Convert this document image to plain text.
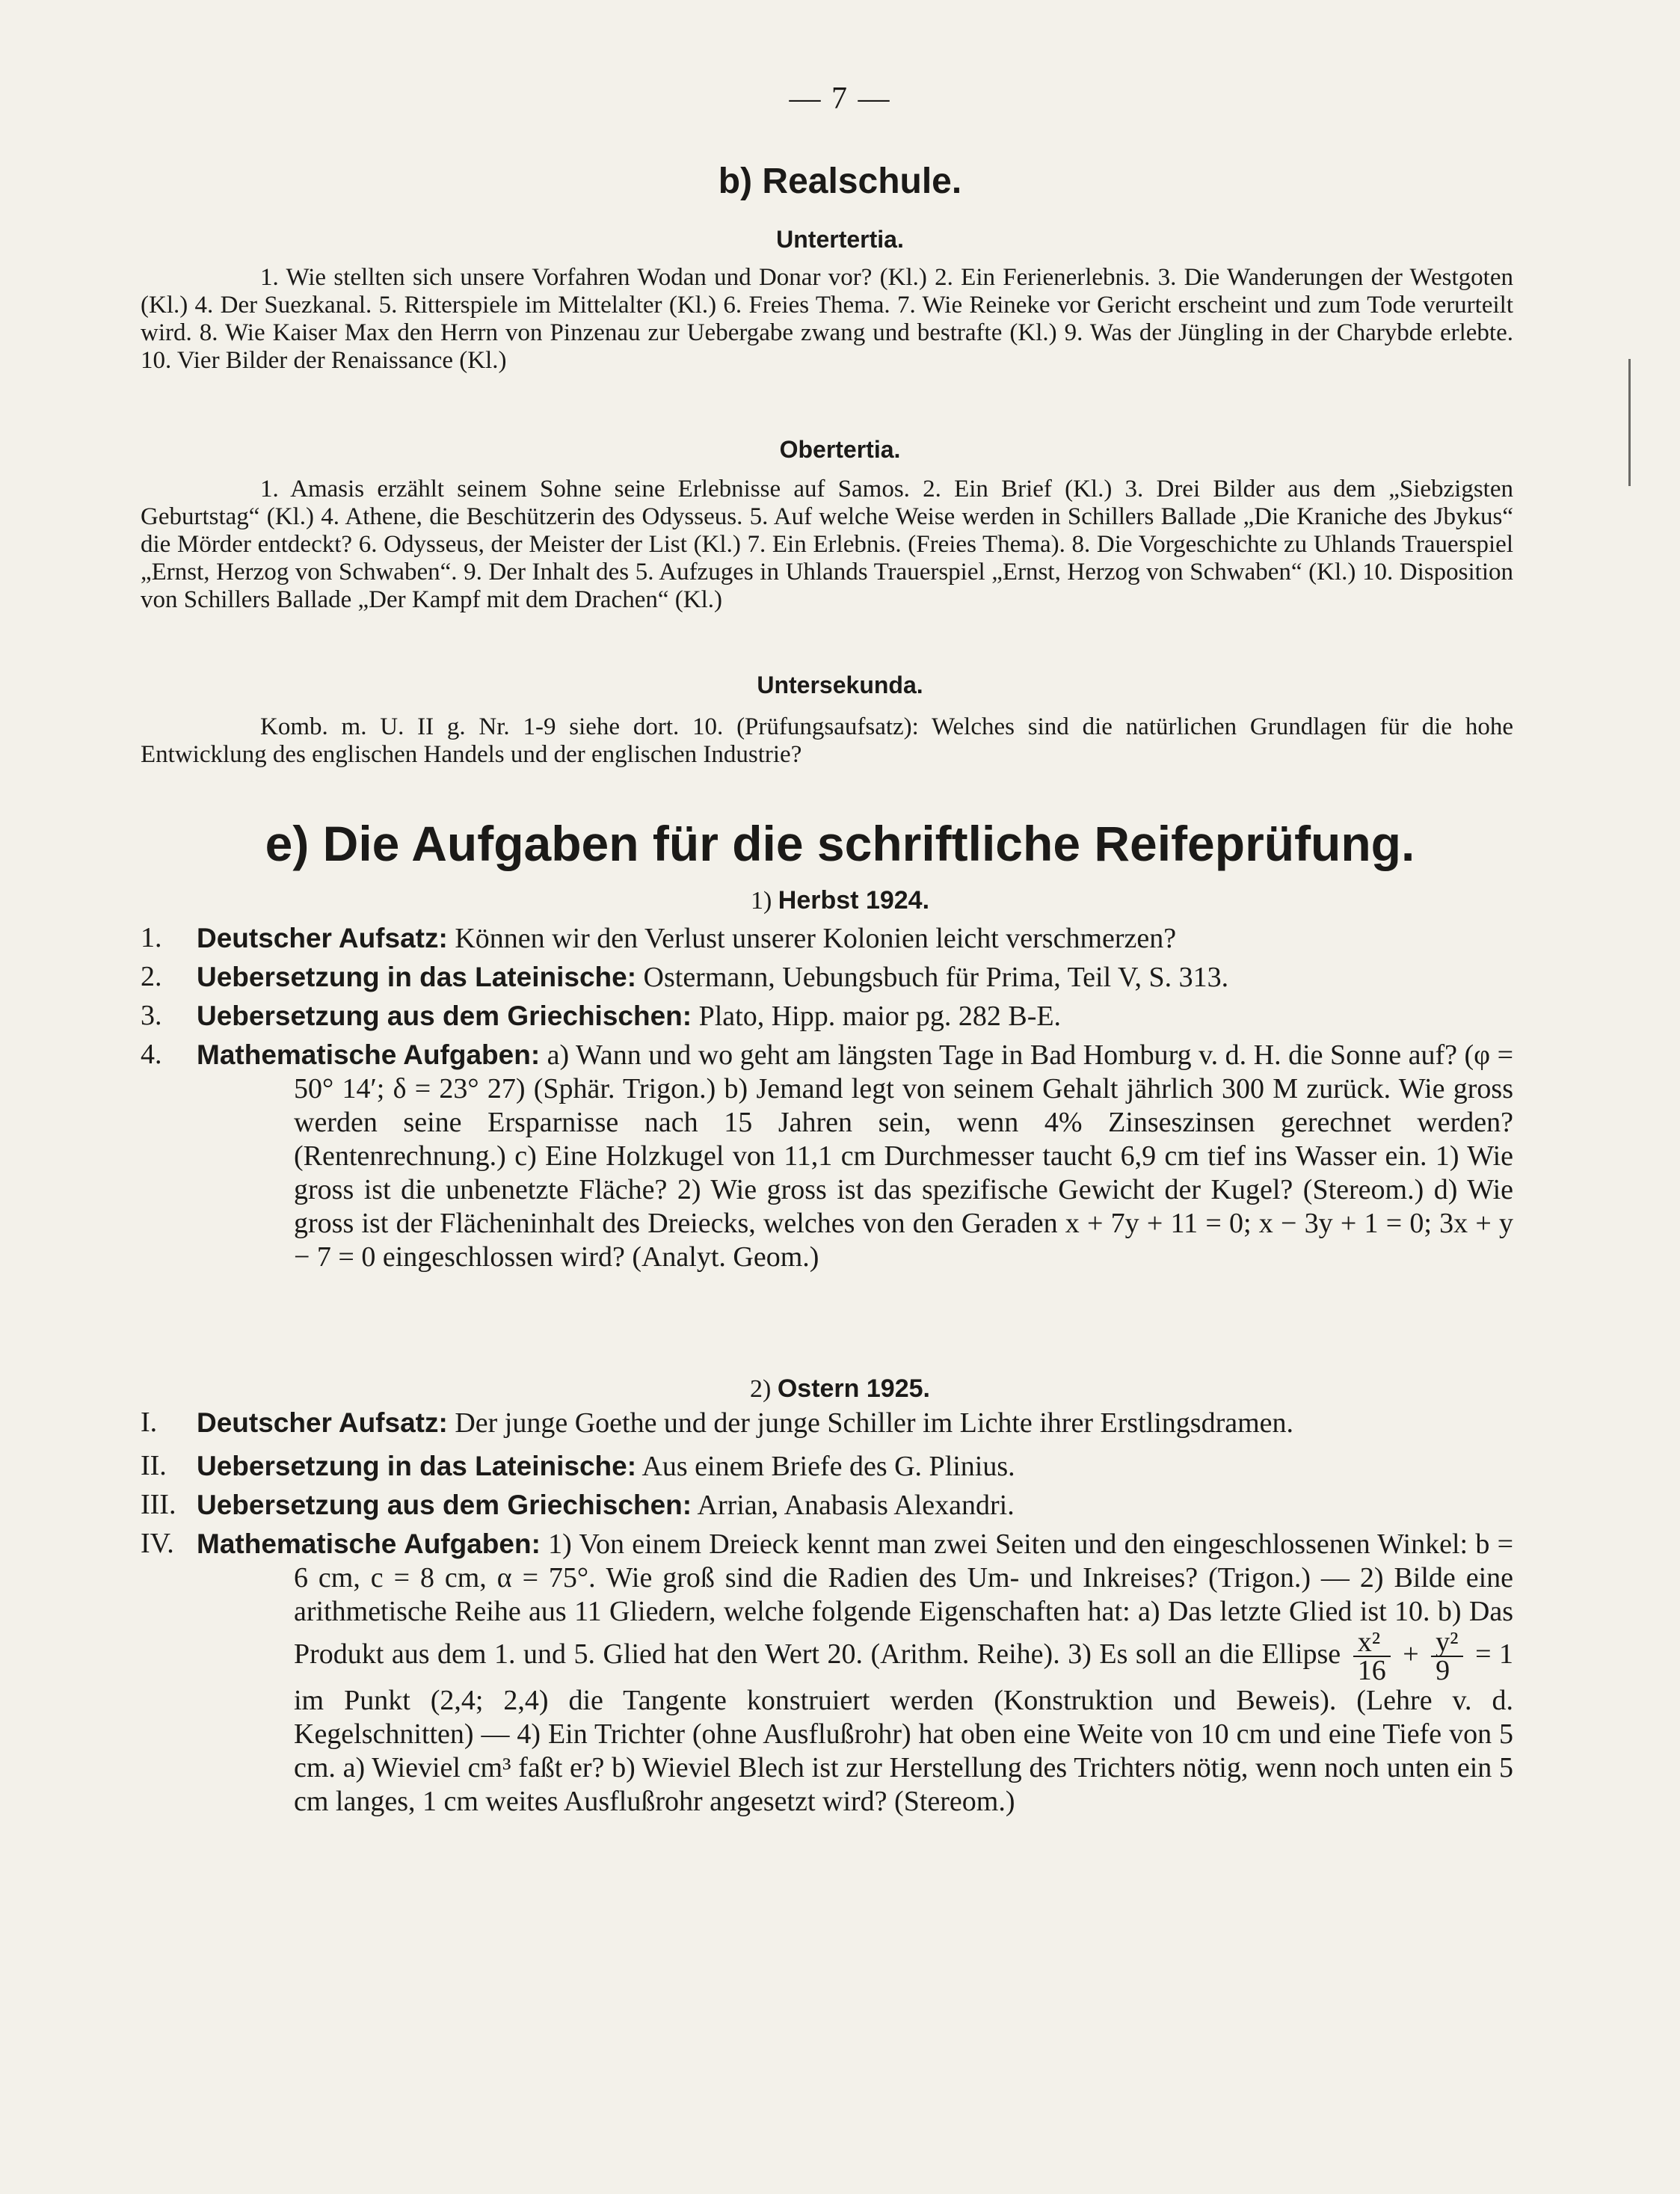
— 7 —
b) Realschule.
Untertertia.

1. Wie stellten sich unsere Vorfahren Wodan und Donar vor? (Kl.) 2. Ein Ferienerlebnis. 3. Die Wanderungen der Westgoten (Kl.) 4. Der Suezkanal. 5. Ritterspiele im Mittelalter (Kl.) 6. Freies Thema. 7. Wie Reineke vor Gericht erscheint und zum Tode verurteilt wird. 8. Wie Kaiser Max den Herrn von Pinzenau zur Uebergabe zwang und bestrafte (Kl.) 9. Was der Jüngling in der Charybde erlebte. 10. Vier Bilder der Renaissance (Kl.)

Obertertia.

1. Amasis erzählt seinem Sohne seine Erlebnisse auf Samos. 2. Ein Brief (Kl.) 3. Drei Bilder aus dem „Siebzigsten Geburtstag“ (Kl.) 4. Athene, die Beschützerin des Odysseus. 5. Auf welche Weise werden in Schillers Ballade „Die Kraniche des Jbykus“ die Mörder entdeckt? 6. Odysseus, der Meister der List (Kl.) 7. Ein Erlebnis. (Freies Thema). 8. Die Vorgeschichte zu Uhlands Trauerspiel „Ernst, Herzog von Schwaben“. 9. Der Inhalt des 5. Aufzuges in Uhlands Trauerspiel „Ernst, Herzog von Schwaben“ (Kl.) 10. Disposition von Schillers Ballade „Der Kampf mit dem Drachen“ (Kl.)

Untersekunda.

Komb. m. U. II g. Nr. 1-9 siehe dort. 10. (Prüfungsaufsatz): Welches sind die natürlichen Grundlagen für die hohe Entwicklung des englischen Handels und der englischen Industrie?

e) Die Aufgaben für die schriftliche Reifeprüfung.
1) Herbst 1924.
1.	Deutscher Aufsatz: Können wir den Verlust unserer Kolonien leicht verschmerzen?
2.	Uebersetzung in das Lateinische: Ostermann, Uebungsbuch für Prima, Teil V, S. 313.
3.	Uebersetzung aus dem Griechischen: Plato, Hipp. maior pg. 282 B-E.
4.	Mathematische Aufgaben: a) Wann und wo geht am längsten Tage in Bad Homburg v. d. H. die Sonne auf? (φ = 50° 14′; δ = 23° 27) (Sphär. Trigon.) b) Jemand legt von seinem Gehalt jährlich 300 M zurück. Wie gross werden seine Ersparnisse nach 15 Jahren sein, wenn 4% Zinseszinsen gerechnet werden? (Rentenrechnung.) c) Eine Holzkugel von 11,1 cm Durchmesser taucht 6,9 cm tief ins Wasser ein. 1) Wie gross ist die unbenetzte Fläche? 2) Wie gross ist das spezifische Gewicht der Kugel? (Stereom.) d) Wie gross ist der Flächeninhalt des Dreiecks, welches von den Geraden x + 7y + 11 = 0; x − 3y + 1 = 0; 3x + y − 7 = 0 eingeschlossen wird? (Analyt. Geom.)
2) Ostern 1925.
I.	Deutscher Aufsatz: Der junge Goethe und der junge Schiller im Lichte ihrer Erstlingsdramen.
II.	Uebersetzung in das Lateinische: Aus einem Briefe des G. Plinius.
III. Uebersetzung aus dem Griechischen: Arrian, Anabasis Alexandri.
IV. Mathematische Aufgaben: 1) Von einem Dreieck kennt man zwei Seiten und den eingeschlossenen Winkel: b = 6 cm, c = 8 cm, α = 75°. Wie groß sind die Radien des Um- und Inkreises? (Trigon.) — 2) Bilde eine arithmetische Reihe aus 11 Gliedern, welche folgende Eigenschaften hat: a) Das letzte Glied ist 10. b) Das Produkt aus dem 1. und 5. Glied hat den Wert 20. (Arithm. Reihe). 3) Es soll an die Ellipse $\frac{\text{x²}}{16} + \frac{\text{y²}}{9} = 1$ im Punkt (2,4; 2,4) die Tangente konstruiert werden (Konstruktion und Beweis). (Lehre v. d. Kegelschnitten) — 4) Ein Trichter (ohne Ausflußrohr) hat oben eine Weite von 10 cm und eine Tiefe von 5 cm. a) Wieviel cm³ faßt er? b) Wieviel Blech ist zur Herstellung des Trichters nötig, wenn noch unten ein 5 cm langes, 1 cm weites Ausflußrohr angesetzt wird? (Stereom.)
